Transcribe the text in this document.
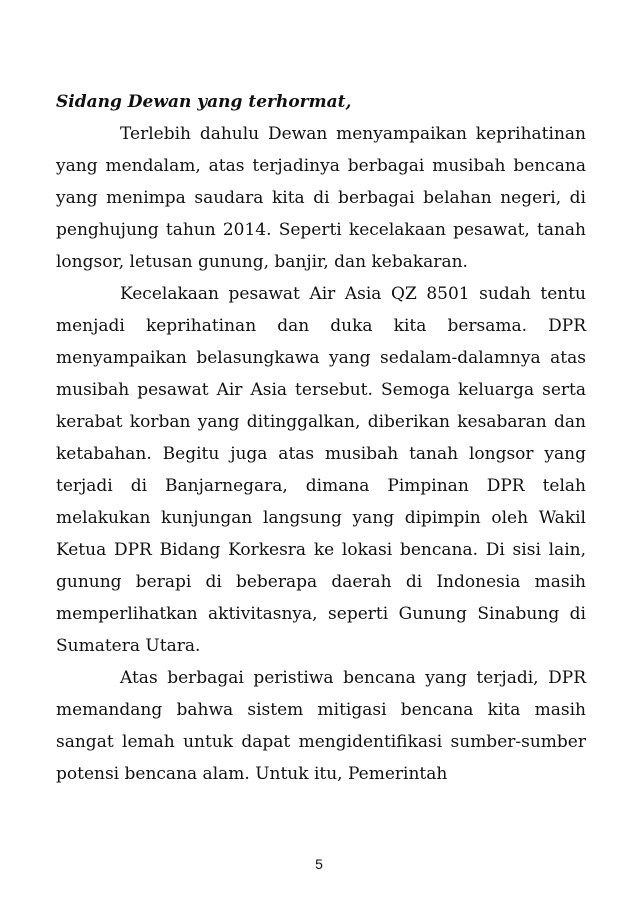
Sidang Dewan yang terhormat,

Terlebih dahulu Dewan menyampaikan keprihatinan yang mendalam, atas terjadinya berbagai musibah bencana yang menimpa saudara kita di berbagai belahan negeri, di penghujung tahun 2014. Seperti kecelakaan pesawat, tanah longsor, letusan gunung, banjir, dan kebakaran.

Kecelakaan pesawat Air Asia QZ 8501 sudah tentu menjadi keprihatinan dan duka kita bersama. DPR menyampaikan belasungkawa yang sedalam-dalamnya atas musibah pesawat Air Asia tersebut. Semoga keluarga serta kerabat korban yang ditinggalkan, diberikan kesabaran dan ketabahan. Begitu juga atas musibah tanah longsor yang terjadi di Banjarnegara, dimana Pimpinan DPR telah melakukan kunjungan langsung yang dipimpin oleh Wakil Ketua DPR Bidang Korkesra ke lokasi bencana. Di sisi lain, gunung berapi di beberapa daerah di Indonesia masih memperlihatkan aktivitasnya, seperti Gunung Sinabung di Sumatera Utara.

Atas berbagai peristiwa bencana yang terjadi, DPR memandang bahwa sistem mitigasi bencana kita masih sangat lemah untuk dapat mengidentifikasi sumber-sumber potensi bencana alam. Untuk itu, Pemerintah

5
